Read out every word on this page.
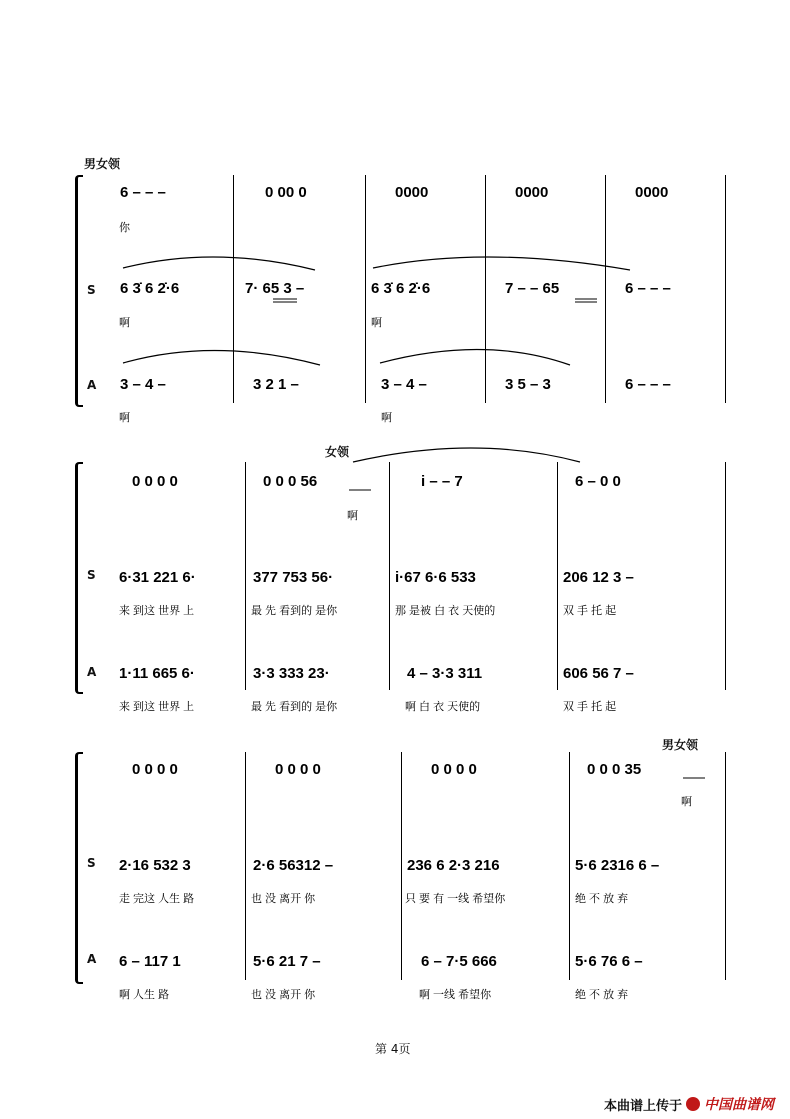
男女领
S
A
6 – – –	0 00 0	0000	0000	0000
6 3̇ 6 2̇·6	7· 65 3 –	6 3̇ 6 2̇·6	7 – – 65	6 – – –
3 – 4 –	3 2 1 –	3 – 4 –	3 5 – 3	6 – – –
你
啊	啊
啊	啊
女领
S
A
0 0 0 0	0 0 0 56	i – – 7	6 – 0 0
6·31 221 6·	377 753 56·	i·67 6·6 533	206 12 3 –
1·11 665 6·	3·3 333 23·	4 – 3·3 311	606 56 7 –
啊
来 到这 世界 上	最 先 看到的 是你	那 是被 白 衣 天使的	双 手 托 起
来 到这 世界 上	最 先 看到的 是你	啊 白 衣 天使的	双 手 托 起
男女领
S
A
0 0 0 0	0 0 0 0	0 0 0 0	0 0 0 35
2·16 532 3	2·6 56312 –	236 6 2·3 216	5·6 2316 6 –
6 – 117 1	5·6 21 7 –	6 – 7·5 666	5·6 76 6 –
啊
走 完这 人生 路	也 没 离开 你	只 要 有 一线 希望你	绝 不 放 弃
啊 人生 路	也 没 离开 你	啊 一线 希望你	绝 不 放 弃
第 4页
本曲谱上传于 中国曲谱网
